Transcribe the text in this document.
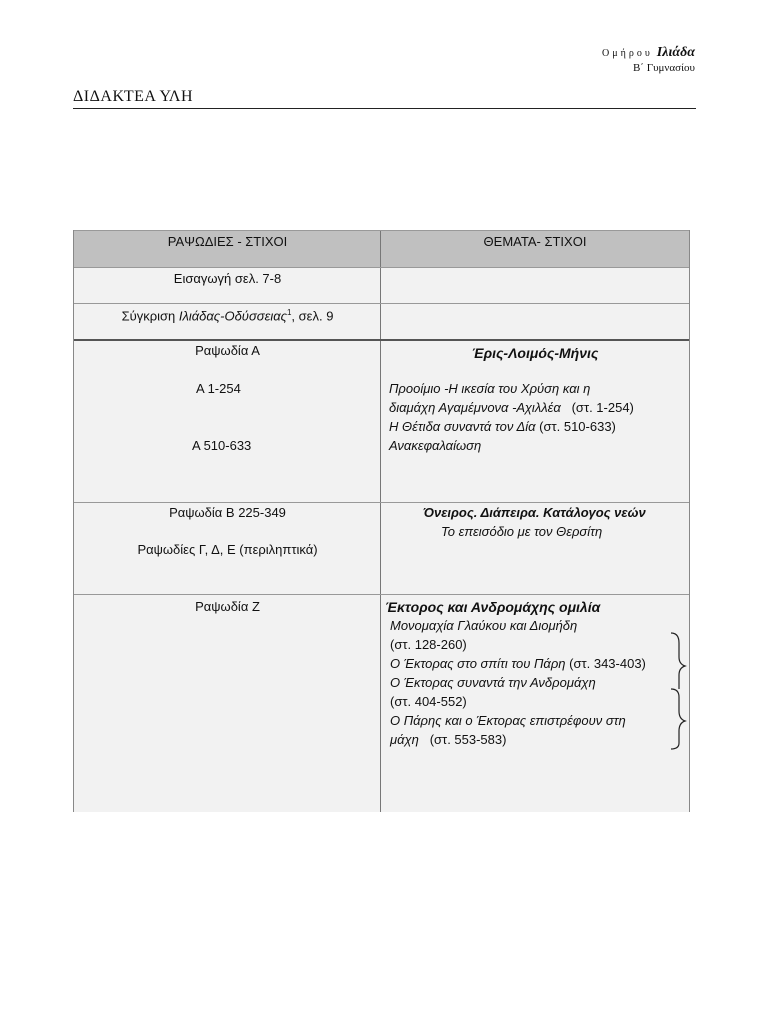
Ομήρου Ιλιάδα
Β΄ Γυμνασίου
ΔΙΔΑΚΤΕΑ ΥΛΗ
ΡΑΨΩΔΙΕΣ - ΣΤΙΧΟΙ	ΘΕΜΑΤΑ- ΣΤΙΧΟΙ
Εισαγωγή σελ. 7-8
Σύγκριση Ιλιάδας-Οδύσσειας$^1$, σελ. 9
Ραψωδία Α
Α 1-254
Α 510-633
Έρις-Λοιμός-Μήνις
Προοίμιο -Η ικεσία του Χρύση και η
διαμάχη Αγαμέμνονα -Αχιλλέα (στ. 1-254)
Η Θέτιδα συναντά τον Δία (στ. 510-633)
Ανακεφαλαίωση
Ραψωδία Β 225-349
Ραψωδίες Γ, Δ, Ε (περιληπτικά)
Όνειρος. Διάπειρα. Κατάλογος νεών
Το επεισόδιο με τον Θερσίτη
Ραψωδία Ζ	Έκτορος και Ανδρομάχης ομιλία
Μονομαχία Γλαύκου και Διομήδη
(στ. 128-260)
Ο Έκτορας στο σπίτι του Πάρη (στ. 343-403)
Ο Έκτορας συναντά την Ανδρομάχη
(στ. 404-552)
Ο Πάρης και ο Έκτορας επιστρέφουν στη
μάχη (στ. 553-583)
